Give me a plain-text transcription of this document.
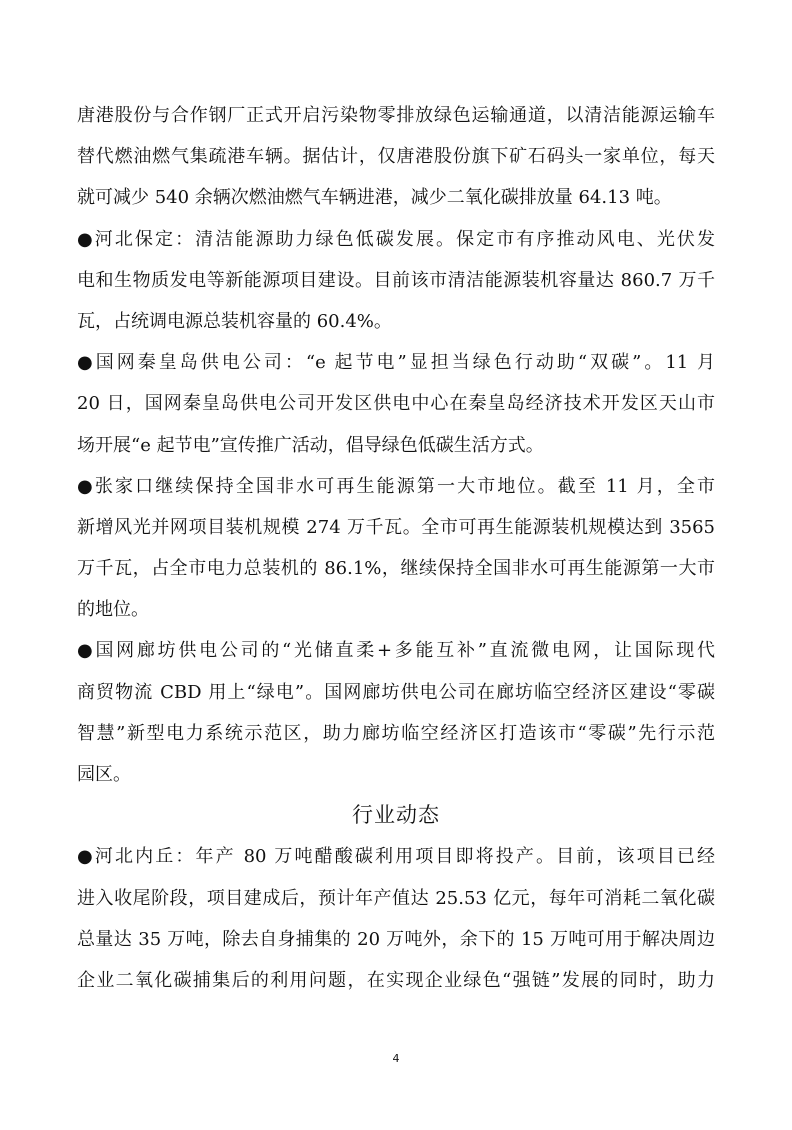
唐港股份与合作钢厂正式开启污染物零排放绿色运输通道，以清洁能源运输车
替代燃油燃气集疏港车辆。据估计，仅唐港股份旗下矿石码头一家单位，每天
就可减少 540 余辆次燃油燃气车辆进港，减少二氧化碳排放量 64.13 吨。
●河北保定：清洁能源助力绿色低碳发展。保定市有序推动风电、光伏发
电和生物质发电等新能源项目建设。目前该市清洁能源装机容量达 860.7 万千
瓦，占统调电源总装机容量的 60.4%。
●国网秦皇岛供电公司：“e 起节电”显担当绿色行动助“双碳”。11 月
20 日，国网秦皇岛供电公司开发区供电中心在秦皇岛经济技术开发区天山市
场开展“e 起节电”宣传推广活动，倡导绿色低碳生活方式。
●张家口继续保持全国非水可再生能源第一大市地位。截至 11 月，全市
新增风光并网项目装机规模 274 万千瓦。全市可再生能源装机规模达到 3565
万千瓦，占全市电力总装机的 86.1%，继续保持全国非水可再生能源第一大市
的地位。
●国网廊坊供电公司的“光储直柔+多能互补”直流微电网，让国际现代
商贸物流 CBD 用上“绿电”。国网廊坊供电公司在廊坊临空经济区建设“零碳
智慧”新型电力系统示范区，助力廊坊临空经济区打造该市“零碳”先行示范
园区。
行业动态
●河北内丘：年产 80 万吨醋酸碳利用项目即将投产。目前，该项目已经
进入收尾阶段，项目建成后，预计年产值达 25.53 亿元，每年可消耗二氧化碳
总量达 35 万吨，除去自身捕集的 20 万吨外，余下的 15 万吨可用于解决周边
企业二氧化碳捕集后的利用问题，在实现企业绿色“强链”发展的同时，助力
4
